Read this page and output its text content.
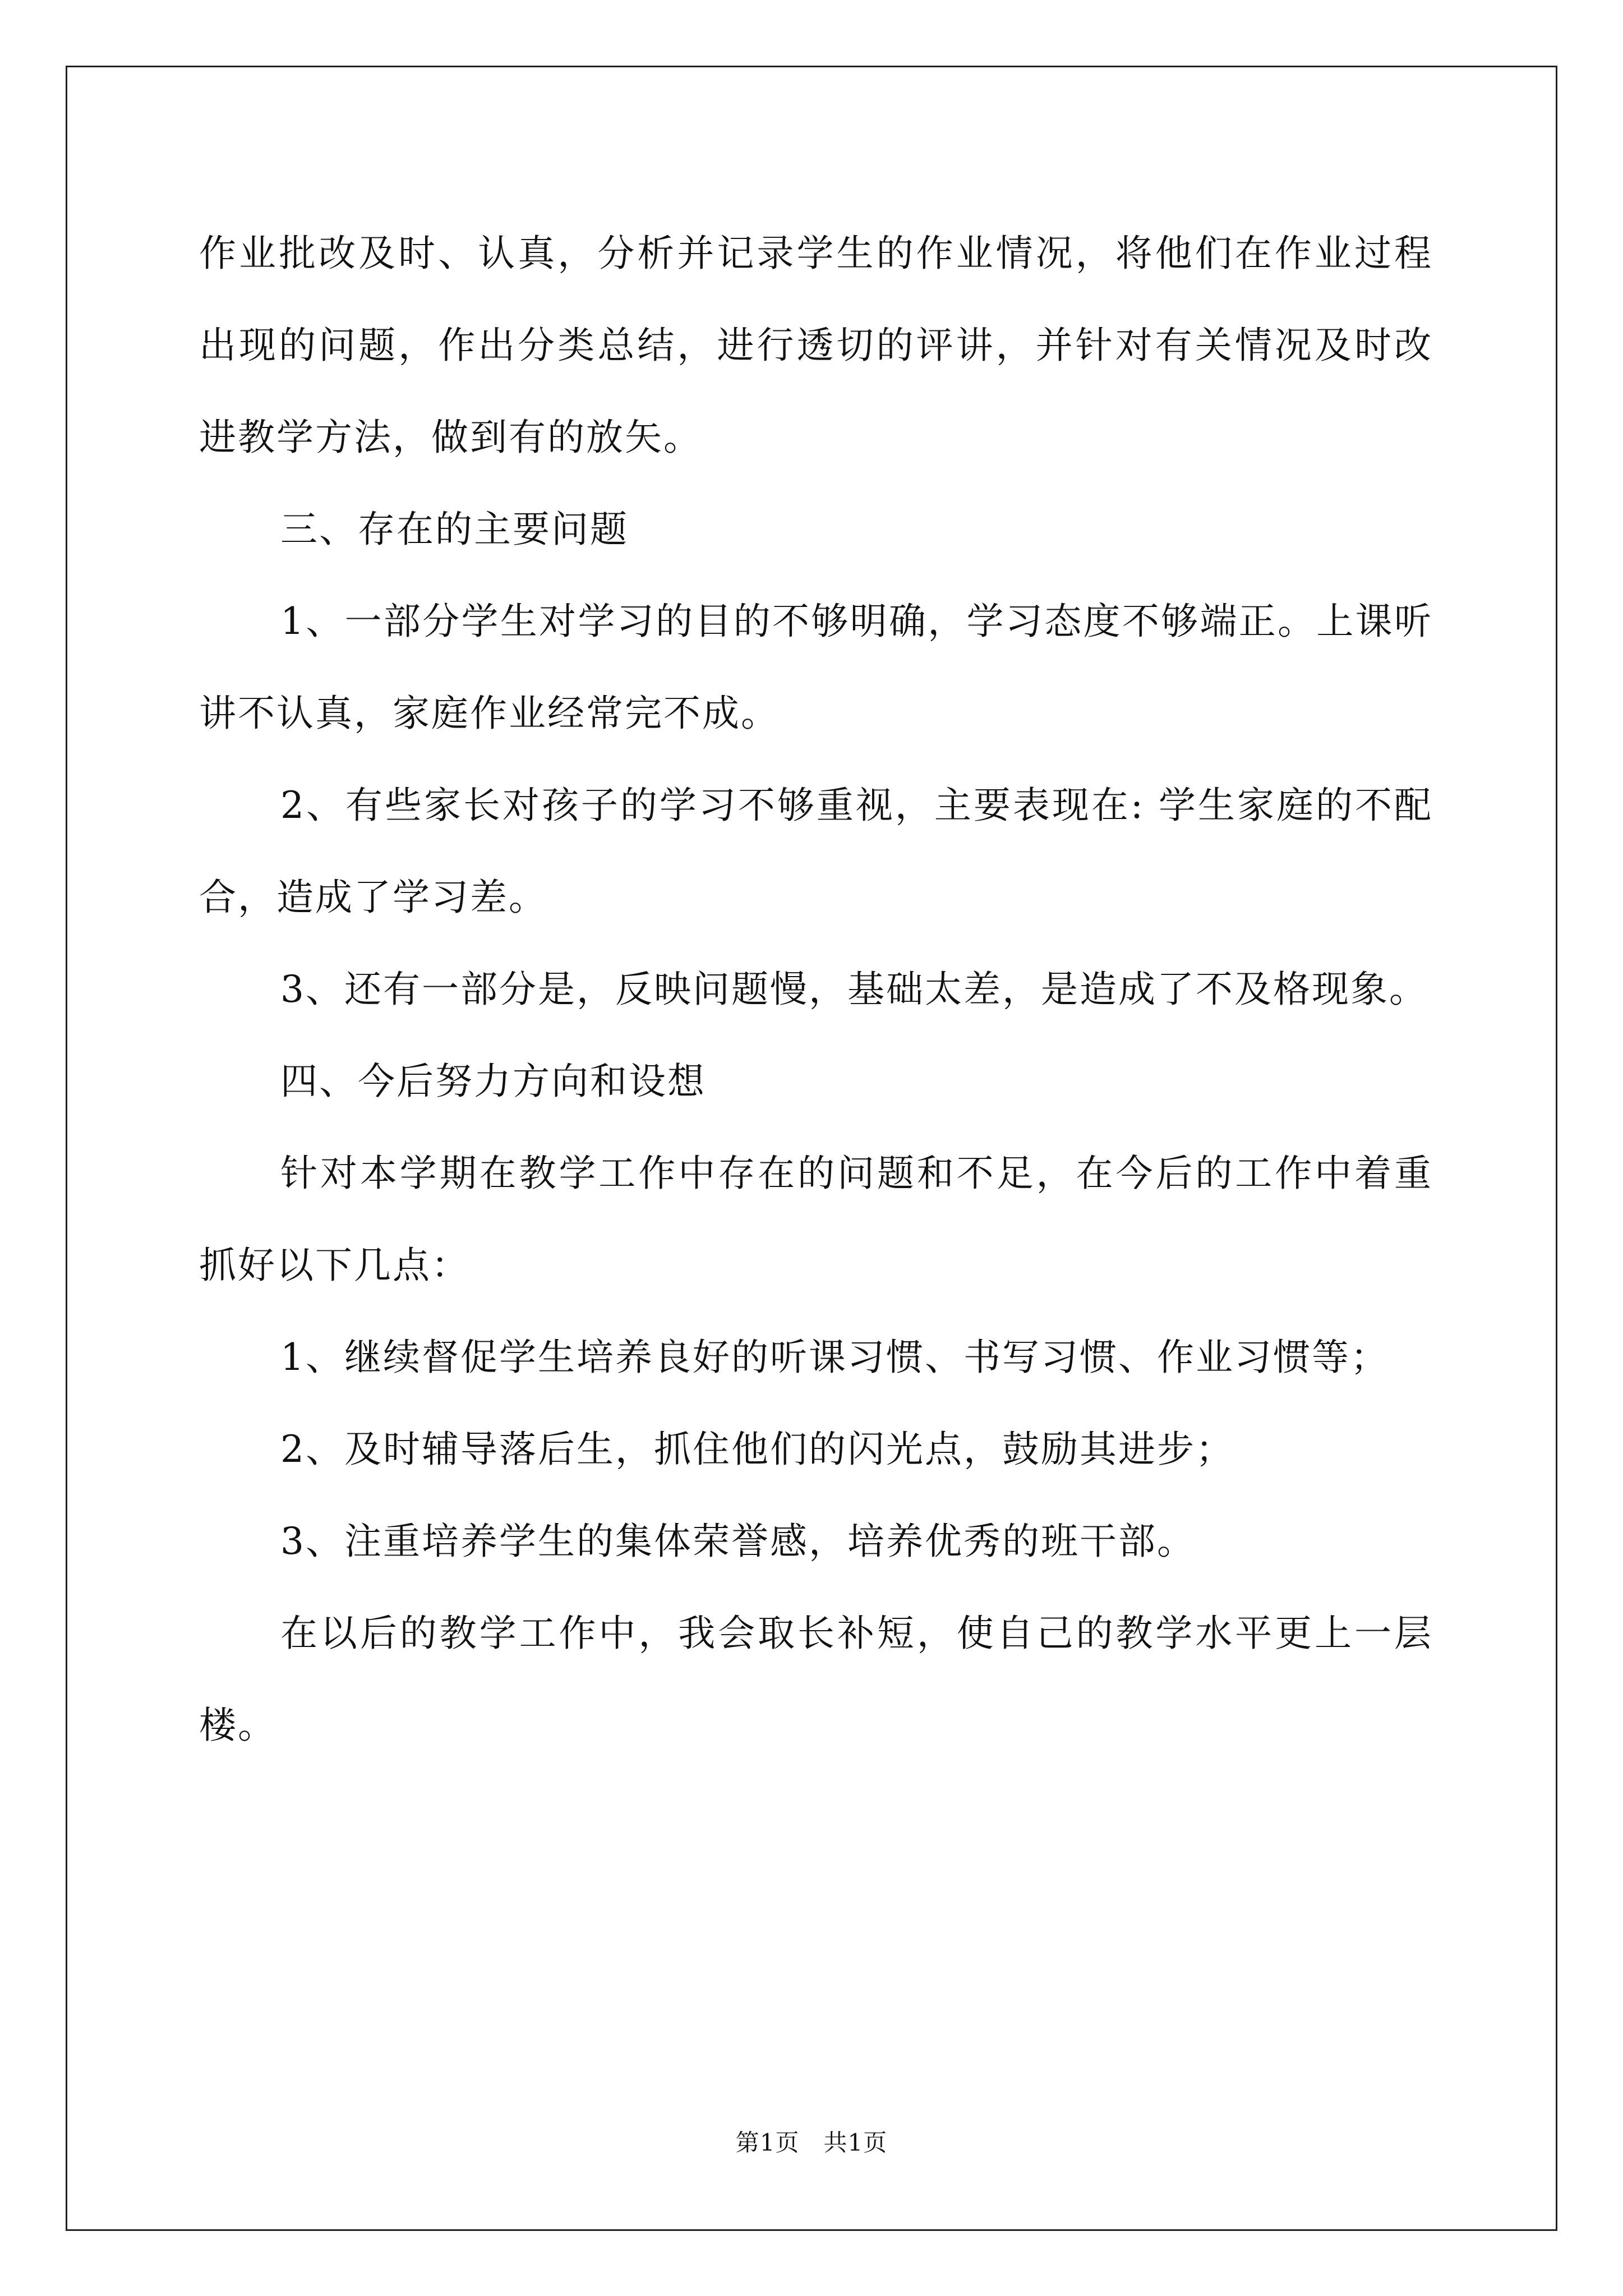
作业批改及时、认真，分析并记录学生的作业情况，将他们在作业过程出现的问题，作出分类总结，进行透切的评讲，并针对有关情况及时改进教学方法，做到有的放矢。

三、存在的主要问题

1、一部分学生对学习的目的不够明确，学习态度不够端正。上课听讲不认真，家庭作业经常完不成。

2、有些家长对孩子的学习不够重视，主要表现在: 学生家庭的不配合，造成了学习差。

3、还有一部分是，反映问题慢，基础太差，是造成了不及格现象。

四、今后努力方向和设想

针对本学期在教学工作中存在的问题和不足，在今后的工作中着重抓好以下几点：

1、继续督促学生培养良好的听课习惯、书写习惯、作业习惯等；

2、及时辅导落后生，抓住他们的闪光点，鼓励其进步；

3、注重培养学生的集体荣誉感，培养优秀的班干部。

在以后的教学工作中，我会取长补短，使自己的教学水平更上一层楼。

第1页　共1页
